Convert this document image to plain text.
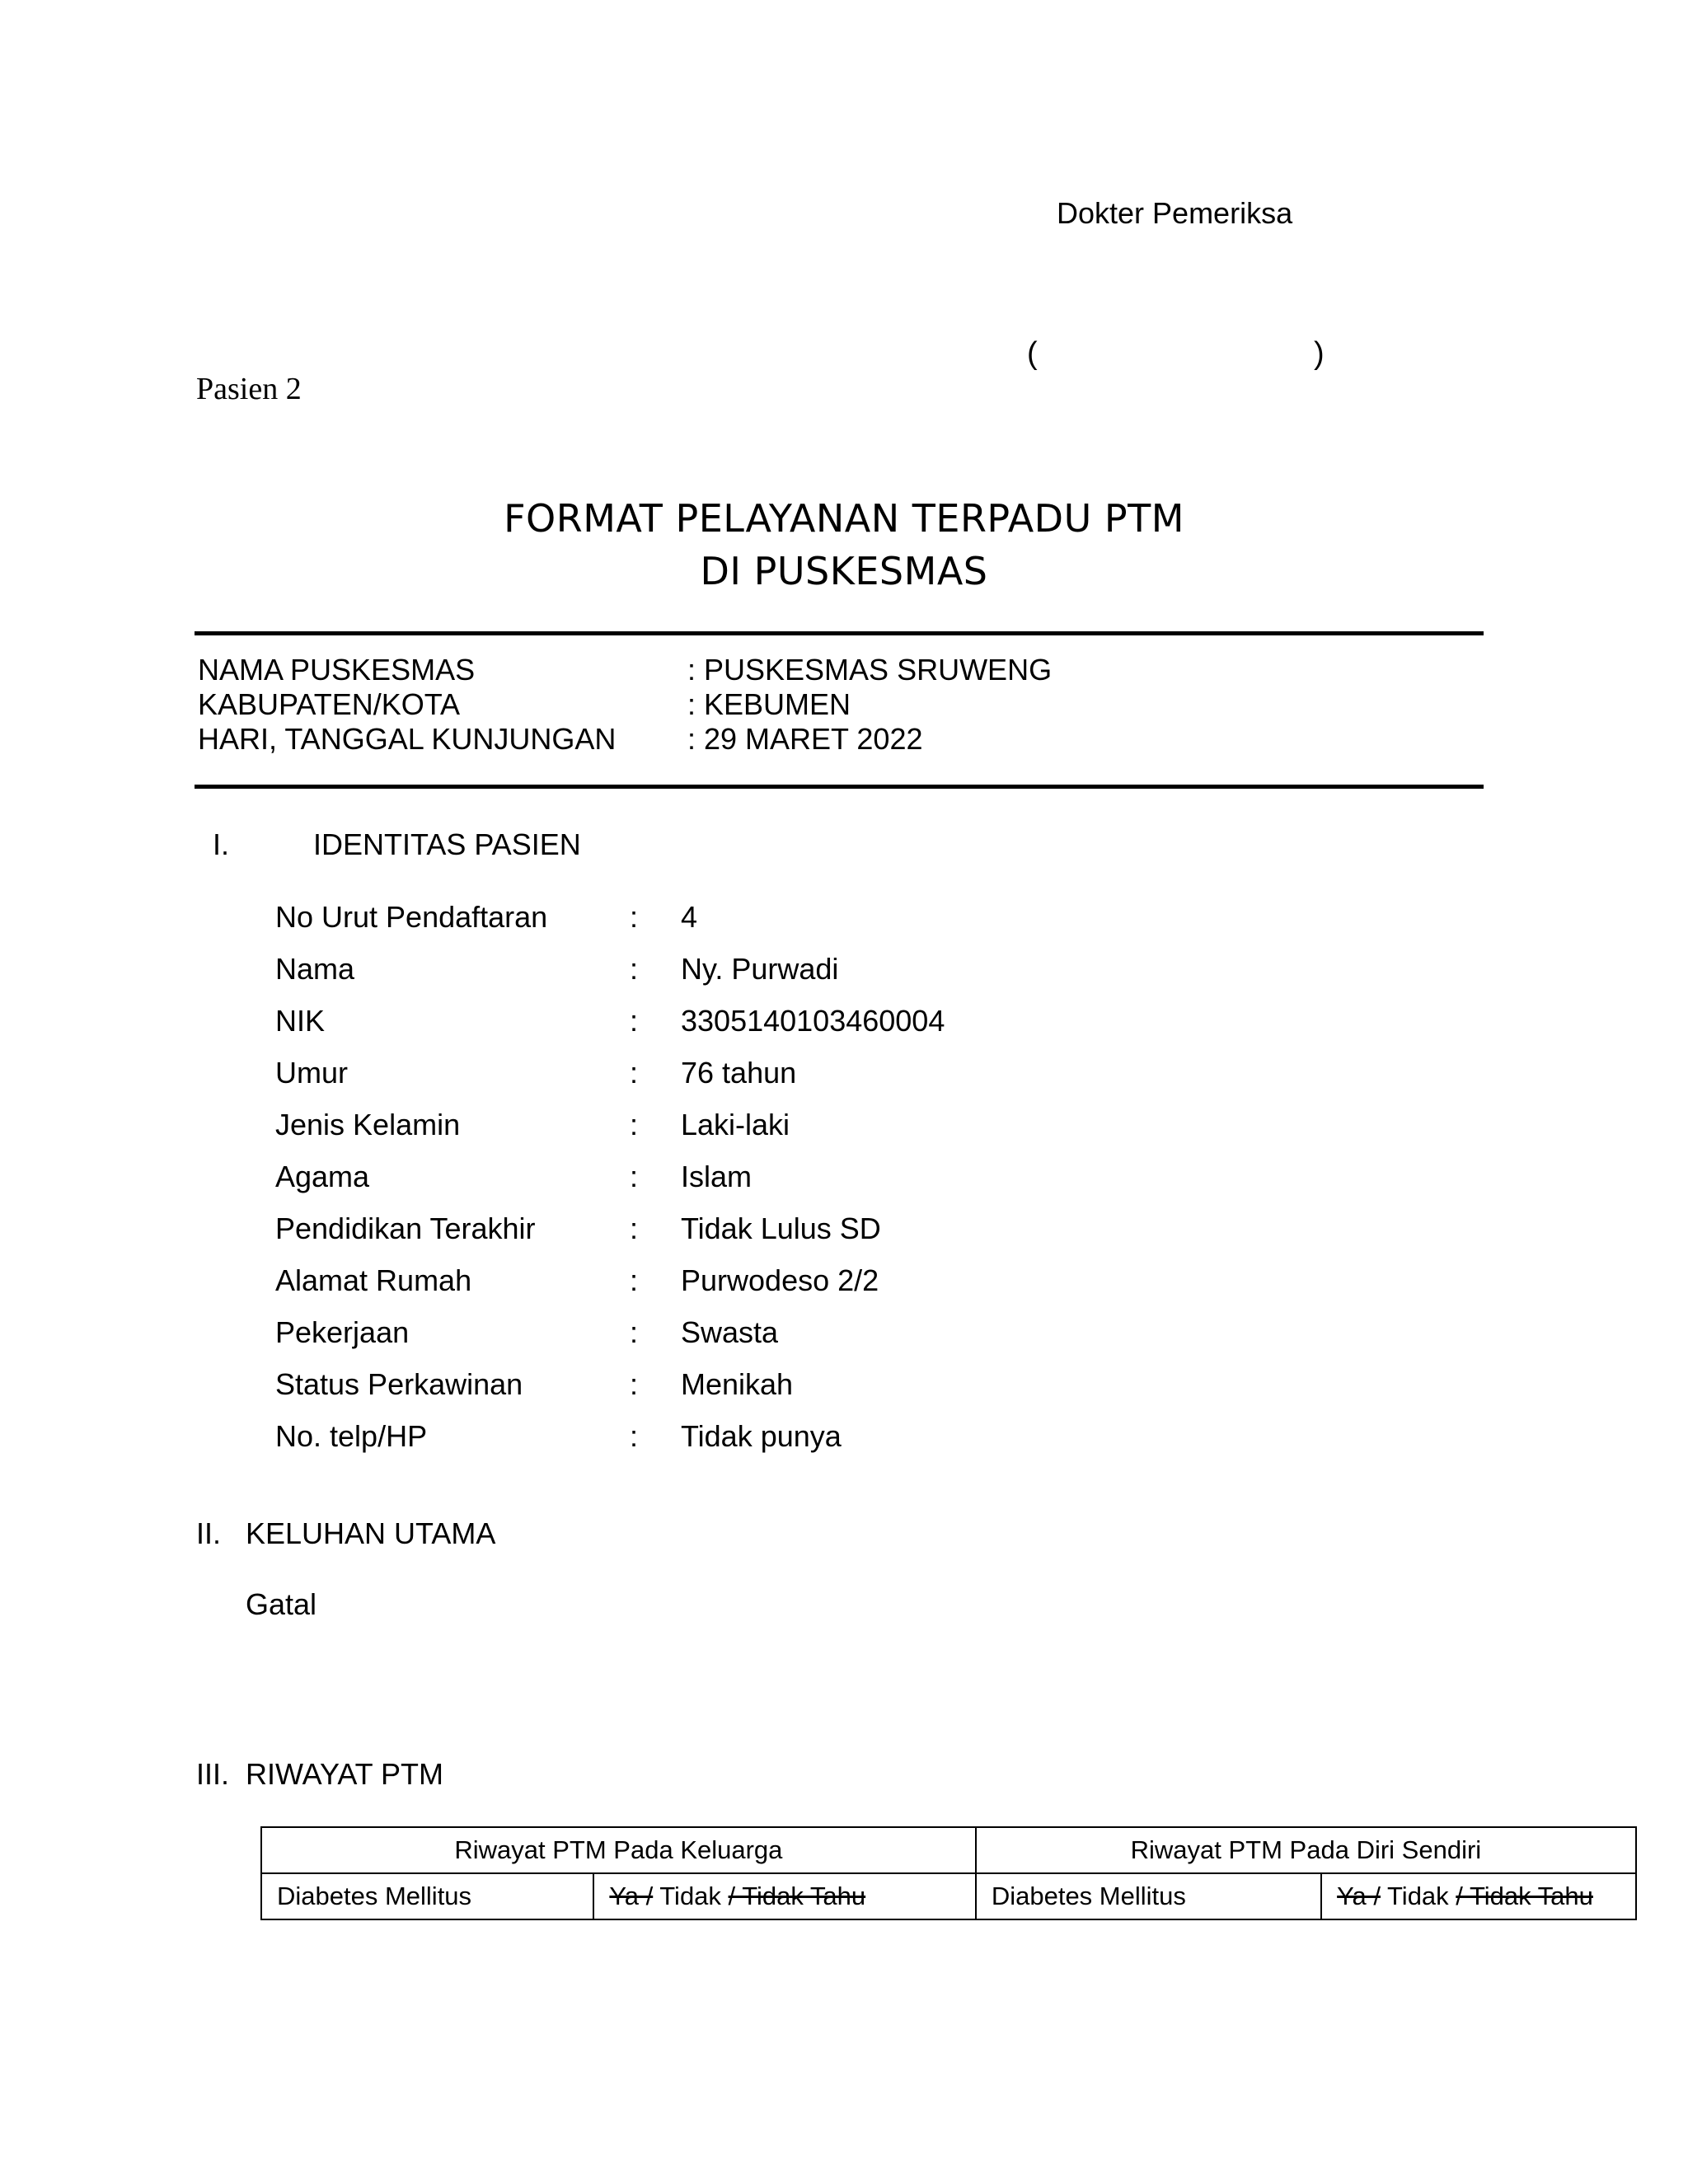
Dokter Pemeriksa
(	)
Pasien 2
FORMAT PELAYANAN TERPADU PTM
DI PUSKESMAS
NAMA PUSKESMAS	: PUSKESMAS SRUWENG
KABUPATEN/KOTA	: KEBUMEN
HARI, TANGGAL KUNJUNGAN : 29 MARET 2022
I.	IDENTITAS PASIEN
No Urut Pendaftaran	: 4
Nama	: Ny. Purwadi
NIK	: 3305140103460004
Umur	: 76 tahun
Jenis Kelamin	: Laki-laki
Agama	: Islam
Pendidikan Terakhir	: Tidak Lulus SD
Alamat Rumah	: Purwodeso 2/2
Pekerjaan	: Swasta
Status Perkawinan	: Menikah
No. telp/HP	: Tidak punya
II. KELUHAN UTAMA
Gatal
III. RIWAYAT PTM
Riwayat PTM Pada Keluarga		Riwayat PTM Pada Diri Sendiri	
Diabetes Mellitus	Ya / Tidak / Tidak Tahu	Diabetes Mellitus	Ya / Tidak / Tidak Tahu
